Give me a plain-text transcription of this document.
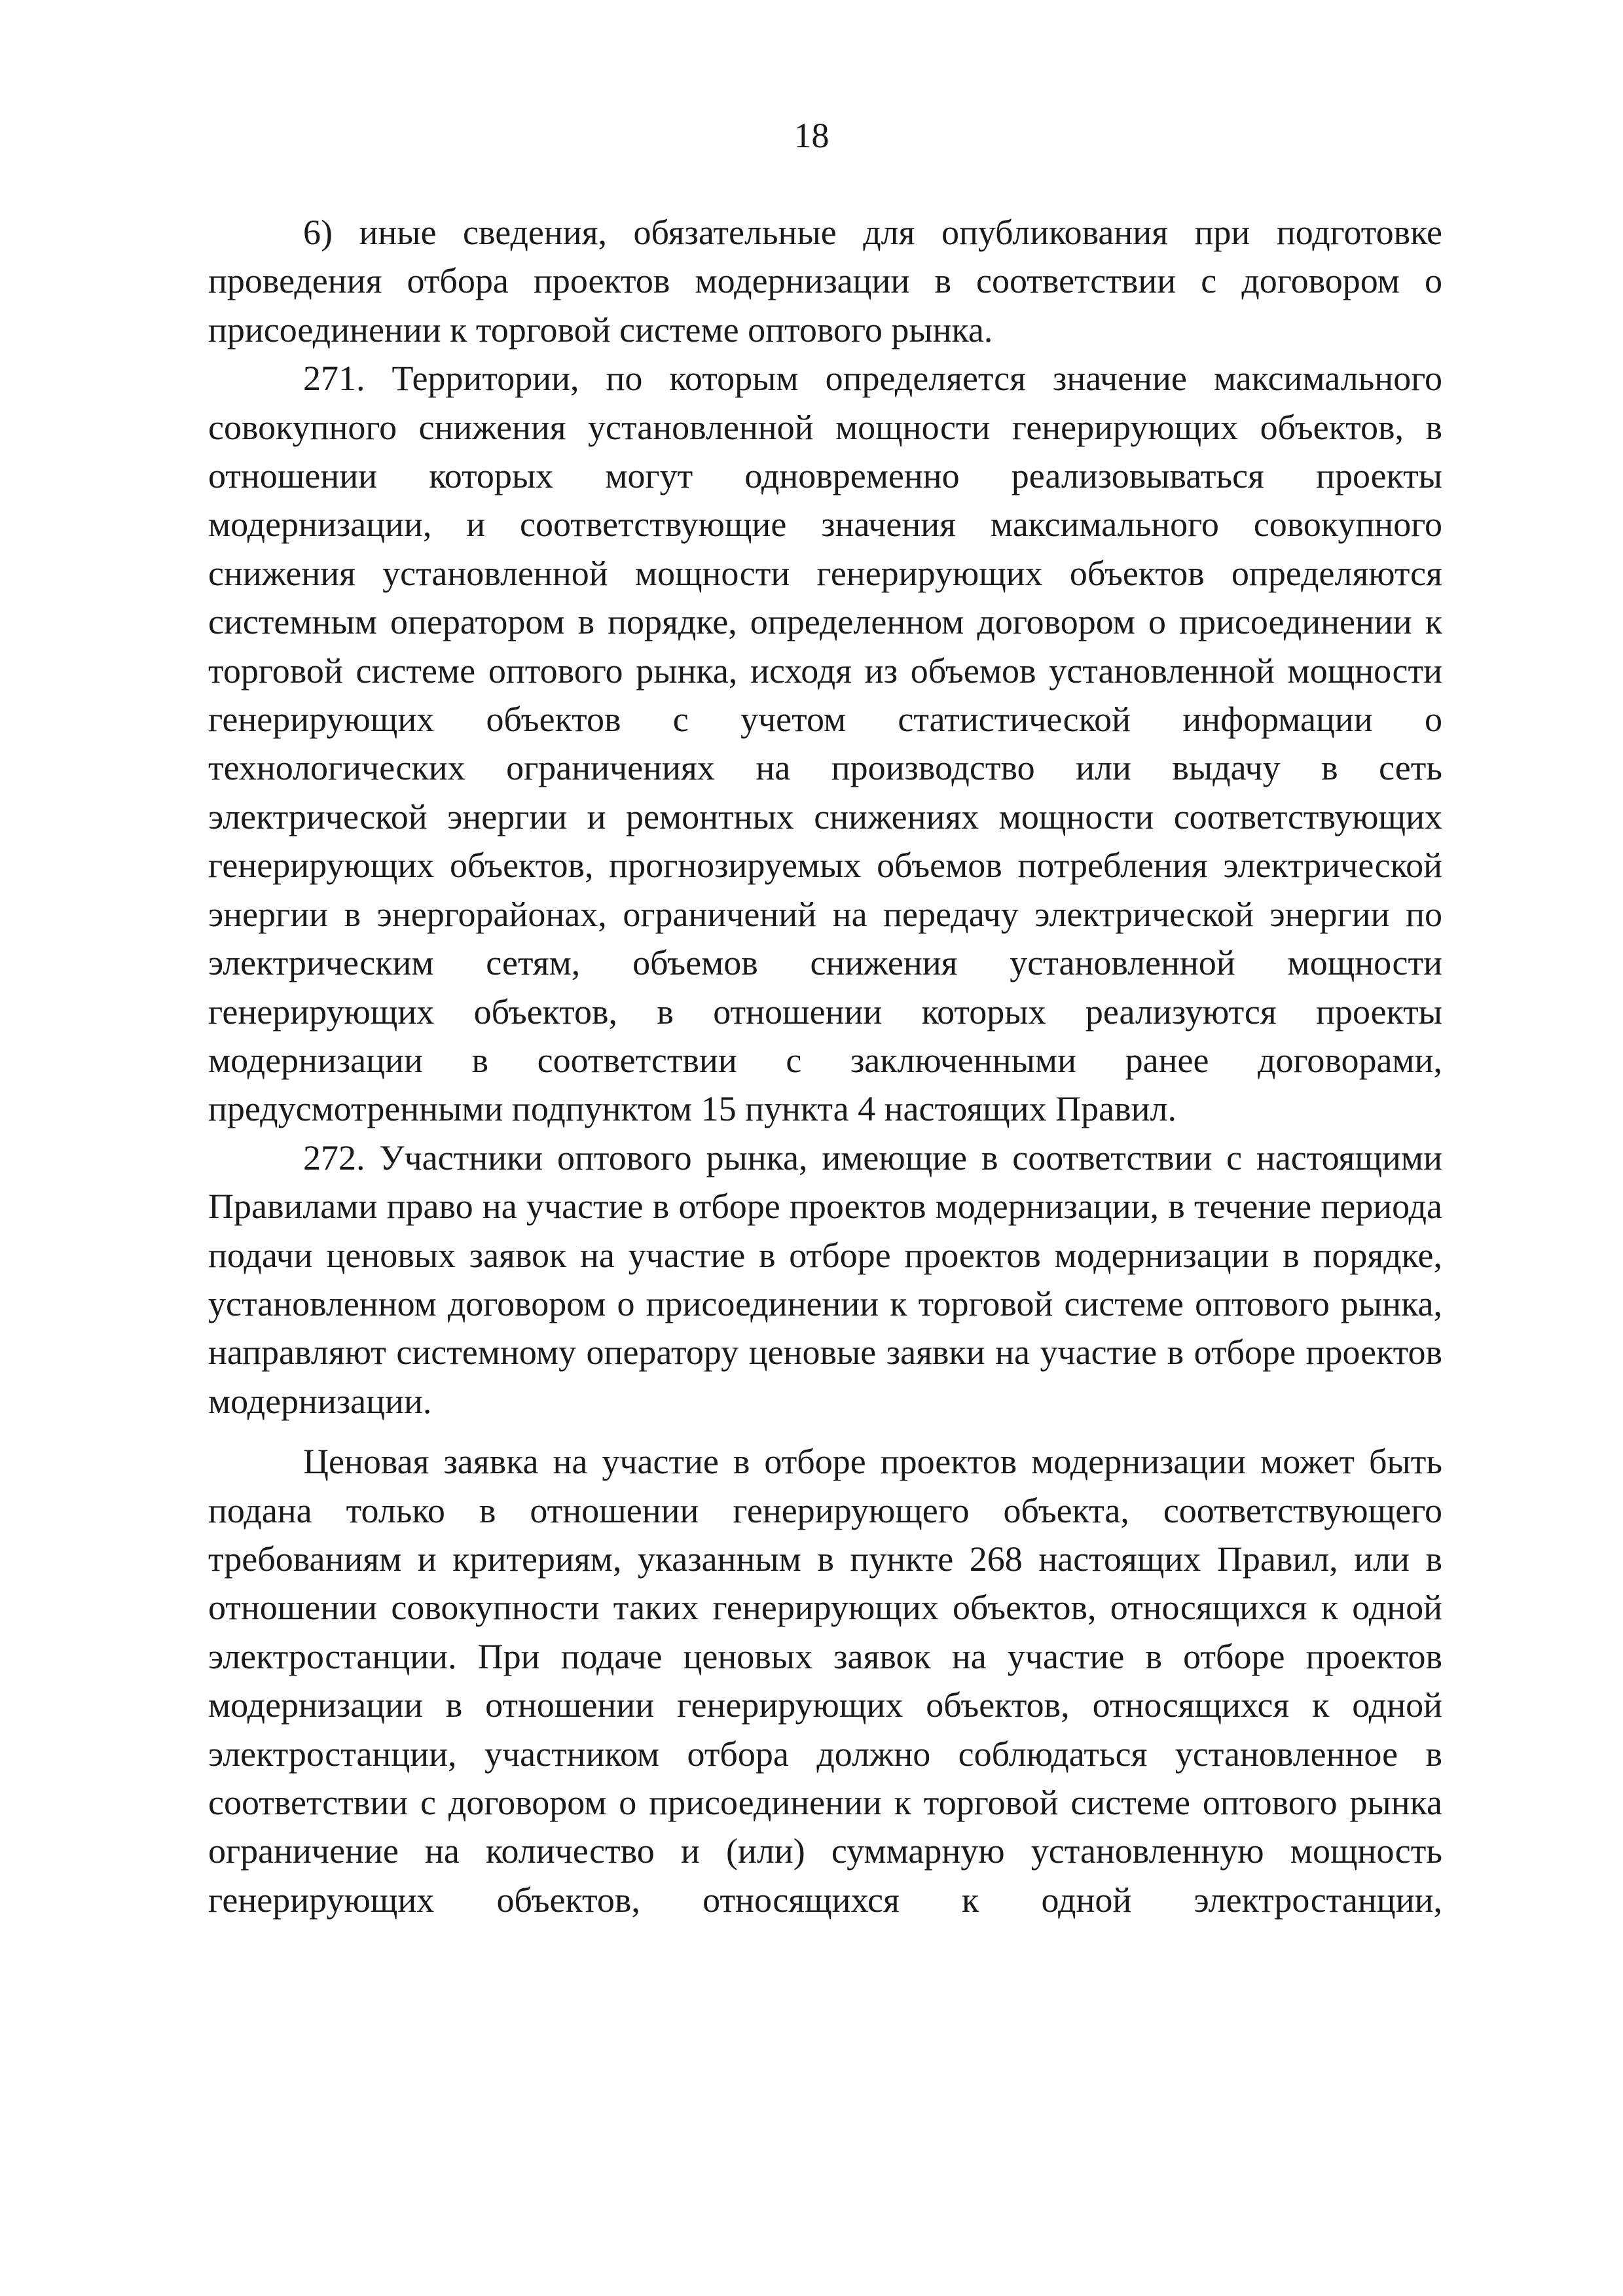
18

6) иные сведения, обязательные для опубликования при подготовке проведения отбора проектов модернизации в соответствии с договором о присоединении к торговой системе оптового рынка.

271. Территории, по которым определяется значение максимального совокупного снижения установленной мощности генерирующих объектов, в отношении которых могут одновременно реализовываться проекты модернизации, и соответствующие значения максимального совокупного снижения установленной мощности генерирующих объектов определяются системным оператором в порядке, определенном договором о присоединении к торговой системе оптового рынка, исходя из объемов установленной мощности генерирующих объектов с учетом статистической информации о технологических ограничениях на производство или выдачу в сеть электрической энергии и ремонтных снижениях мощности соответствующих генерирующих объектов, прогнозируемых объемов потребления электрической энергии в энергорайонах, ограничений на передачу электрической энергии по электрическим сетям, объемов снижения установленной мощности генерирующих объектов, в отношении которых реализуются проекты модернизации в соответствии с заключенными ранее договорами, предусмотренными подпунктом 15 пункта 4 настоящих Правил.

272. Участники оптового рынка, имеющие в соответствии с настоящими Правилами право на участие в отборе проектов модернизации, в течение периода подачи ценовых заявок на участие в отборе проектов модернизации в порядке, установленном договором о присоединении к торговой системе оптового рынка, направляют системному оператору ценовые заявки на участие в отборе проектов модернизации.

Ценовая заявка на участие в отборе проектов модернизации может быть подана только в отношении генерирующего объекта, соответствующего требованиям и критериям, указанным в пункте 268 настоящих Правил, или в отношении совокупности таких генерирующих объектов, относящихся к одной электростанции. При подаче ценовых заявок на участие в отборе проектов модернизации в отношении генерирующих объектов, относящихся к одной электростанции, участником отбора должно соблюдаться установленное в соответствии с договором о присоединении к торговой системе оптового рынка ограничение на количество и (или) суммарную установленную мощность генерирующих объектов, относящихся к одной электростанции,
